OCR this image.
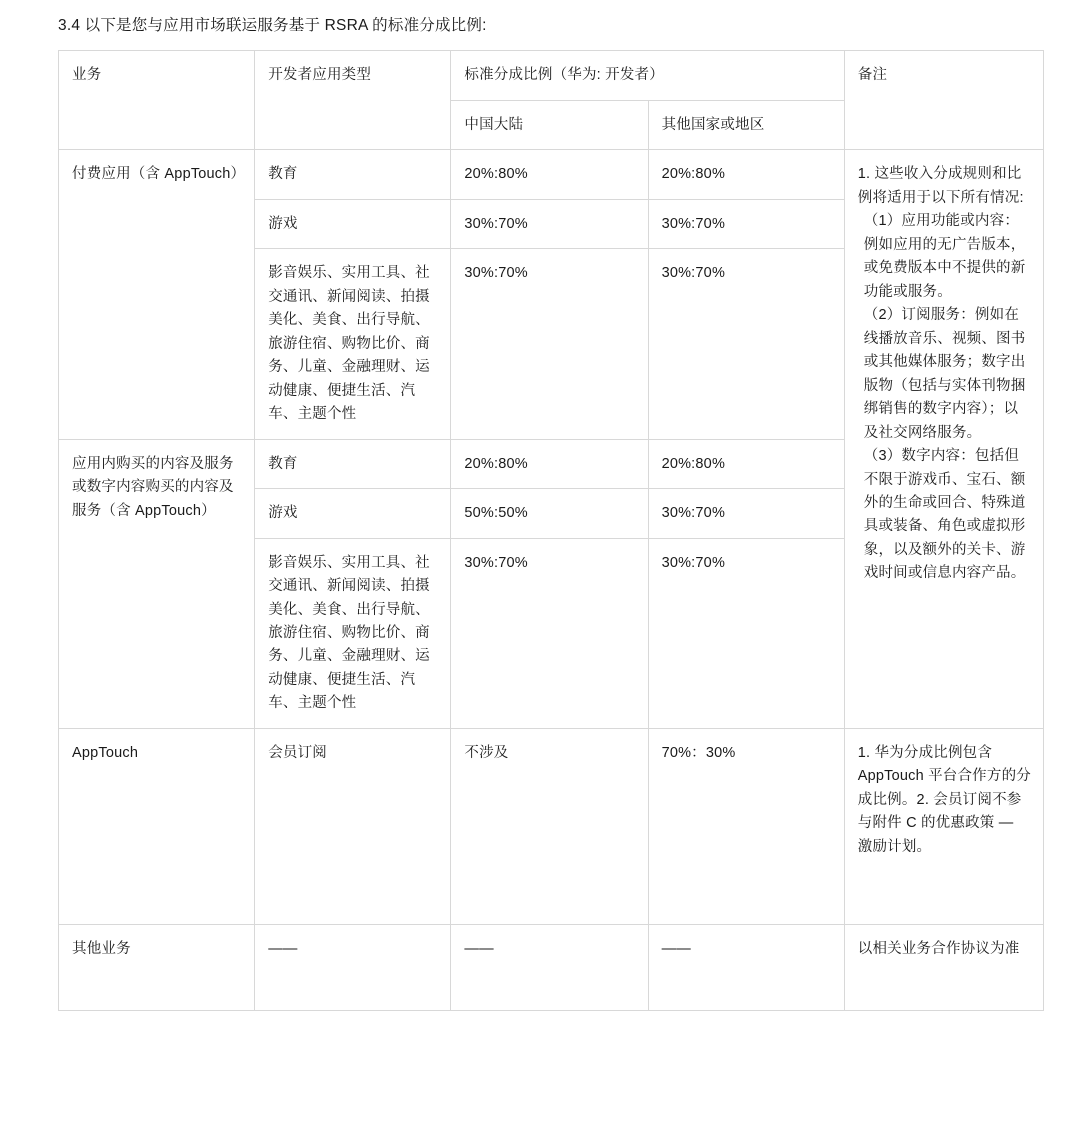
3.4 以下是您与应用市场联运服务基于 RSRA 的标准分成比例:
业务	开发者应用类型	标准分成比例（华为: 开发者）		备注
		中国大陆	其他国家或地区	
付费应用（含 AppTouch）	教育	20%:80%	20%:80%	1. 这些收入分成规则和比例将适用于以下所有情况:

（1）应用功能或内容：例如应用的无广告版本，或免费版本中不提供的新功能或服务。

（2）订阅服务：例如在线播放音乐、视频、图书或其他媒体服务；数字出版物（包括与实体刊物捆绑销售的数字内容）；以及社交网络服务。

（3）数字内容：包括但不限于游戏币、宝石、额外的生命或回合、特殊道具或装备、角色或虚拟形象，以及额外的关卡、游戏时间或信息内容产品。

	游戏	30%:70%	30%:70%	
	影音娱乐、实用工具、社交通讯、新闻阅读、拍摄美化、美食、出行导航、旅游住宿、购物比价、商务、儿童、金融理财、运动健康、便捷生活、汽车、主题个性	30%:70%	30%:70%	
应用内购买的内容及服务或数字内容购买的内容及服务（含 AppTouch）	教育	20%:80%	20%:80%	
	游戏	50%:50%	30%:70%	
	影音娱乐、实用工具、社交通讯、新闻阅读、拍摄美化、美食、出行导航、旅游住宿、购物比价、商务、儿童、金融理财、运动健康、便捷生活、汽车、主题个性	30%:70%	30%:70%	
AppTouch	会员订阅	不涉及	70%：30%	1. 华为分成比例包含 AppTouch 平台合作方的分成比例。2. 会员订阅不参与附件 C 的优惠政策 — 激励计划。
其他业务	——	——	——	以相关业务合作协议为准
